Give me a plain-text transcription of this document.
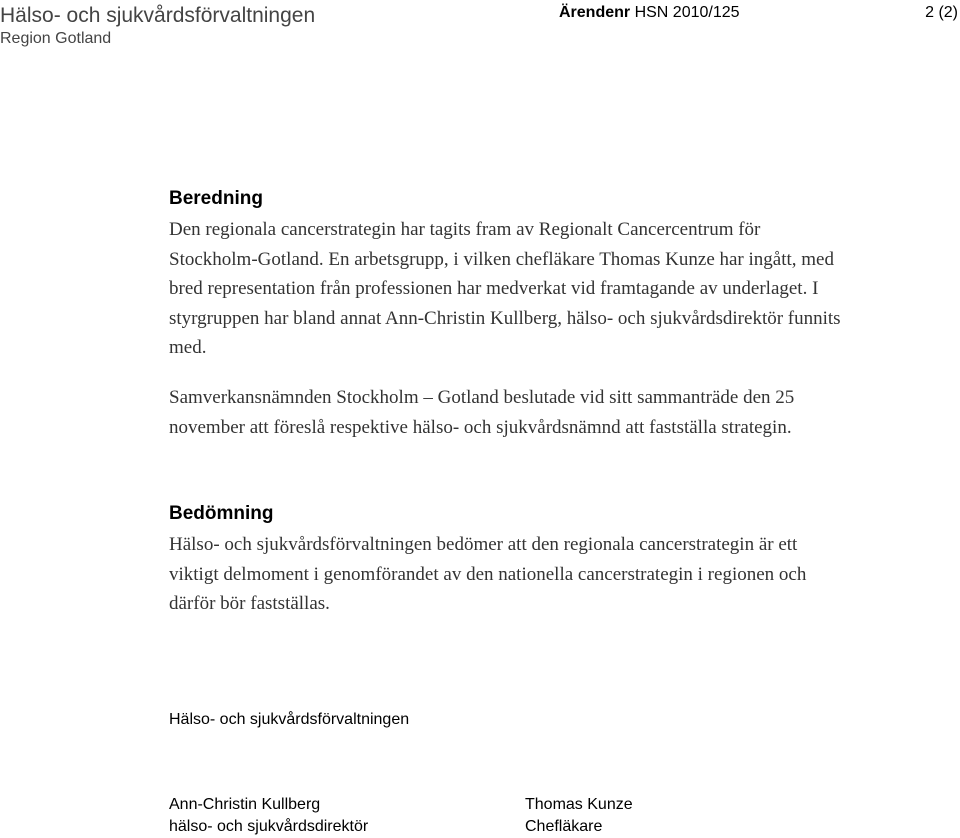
Hälso- och sjukvårdsförvaltningen
Region Gotland
Ärendenr HSN 2010/125	2 (2)
Beredning

Den regionala cancerstrategin har tagits fram av Regionalt Cancercentrum för Stockholm-Gotland. En arbetsgrupp, i vilken chefläkare Thomas Kunze har ingått, med bred representation från professionen har medverkat vid framtagande av underlaget. I styrgruppen har bland annat Ann-Christin Kullberg, hälso- och sjukvårdsdirektör funnits med.

Samverkansnämnden Stockholm – Gotland beslutade vid sitt sammanträde den 25 november att föreslå respektive hälso- och sjukvårdsnämnd att fastställa strategin.

Bedömning

Hälso- och sjukvårdsförvaltningen bedömer att den regionala cancerstrategin är ett viktigt delmoment i genomförandet av den nationella cancerstrategin i regionen och därför bör fastställas.

Hälso- och sjukvårdsförvaltningen
Ann-Christin Kullberg
hälso- och sjukvårdsdirektör
Thomas Kunze
Chefläkare
